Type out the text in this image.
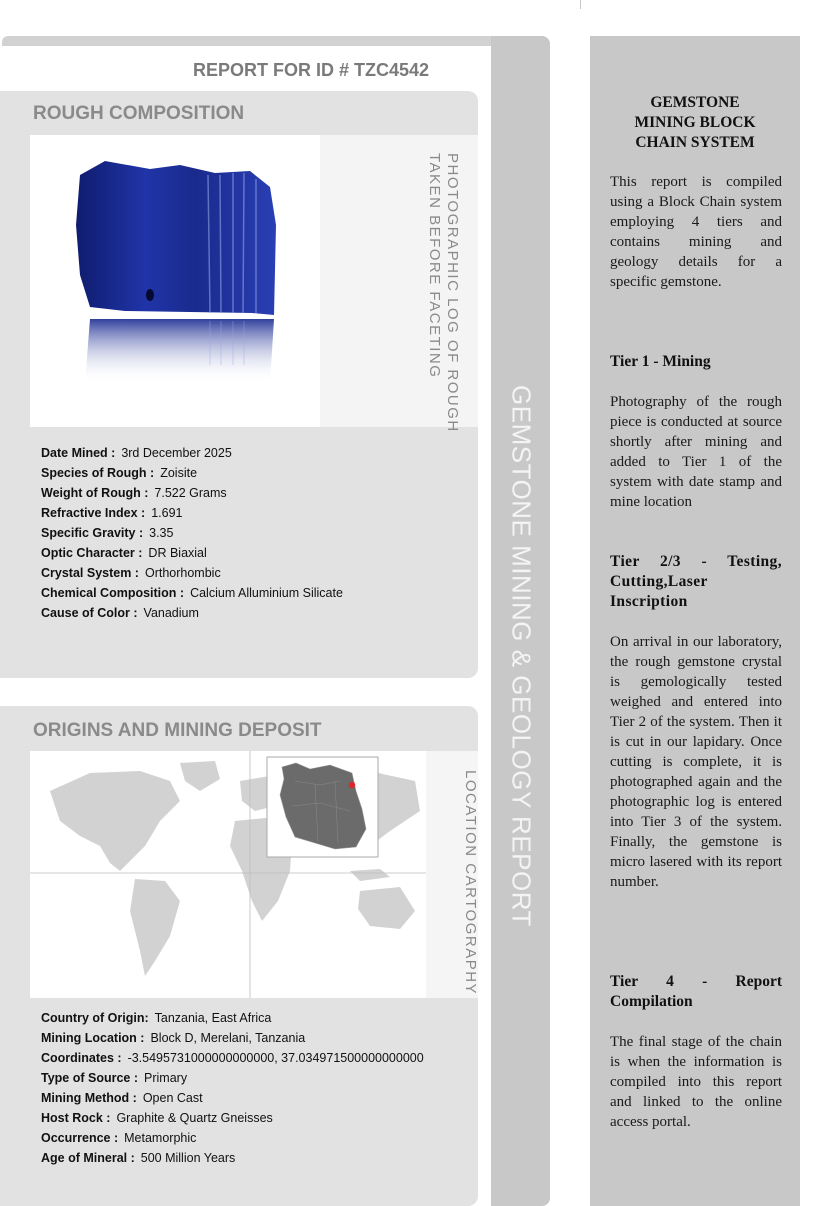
REPORT FOR ID # TZC4542
ROUGH COMPOSITION
PHOTOGRAPHIC LOG OF ROUGH
TAKEN BEFORE FACETING
Date Mined : 3rd December 2025
Species of Rough : Zoisite
Weight of Rough : 7.522 Grams
Refractive Index : 1.691
Specific Gravity : 3.35
Optic Character : DR Biaxial
Crystal System : Orthorhombic
Chemical Composition : Calcium Alluminium Silicate
Cause of Color : Vanadium
ORIGINS AND MINING DEPOSIT
LOCATION CARTOGRAPHY
Country of Origin: Tanzania, East Africa
Mining Location : Block D, Merelani, Tanzania
Coordinates : -3.5495731000000000000, 37.034971500000000000
Type of Source : Primary
Mining Method : Open Cast
Host Rock : Graphite & Quartz Gneisses
Occurrence : Metamorphic
Age of Mineral : 500 Million Years
GEMSTONE MINING & GEOLOGY REPORT
GEMSTONE
MINING BLOCK
CHAIN SYSTEM
This report is compiled using a Block Chain system employing 4 tiers and contains mining and geology details for a specific gemstone.
Tier 1 - Mining
Photography of the rough piece is conducted at source shortly after mining and added to Tier 1 of the system with date stamp and mine location
Tier 2/3 - Testing, Cutting,Laser Inscription
On arrival in our laboratory, the rough gemstone crystal is gemologically tested weighed and entered into Tier 2 of the system. Then it is cut in our lapidary. Once cutting is complete, it is photographed again and the photographic log is entered into Tier 3 of the system. Finally, the gemstone is micro lasered with its report number.
Tier 4 - Report Compilation
The final stage of the chain is when the information is compiled into this report and linked to the online access portal.
